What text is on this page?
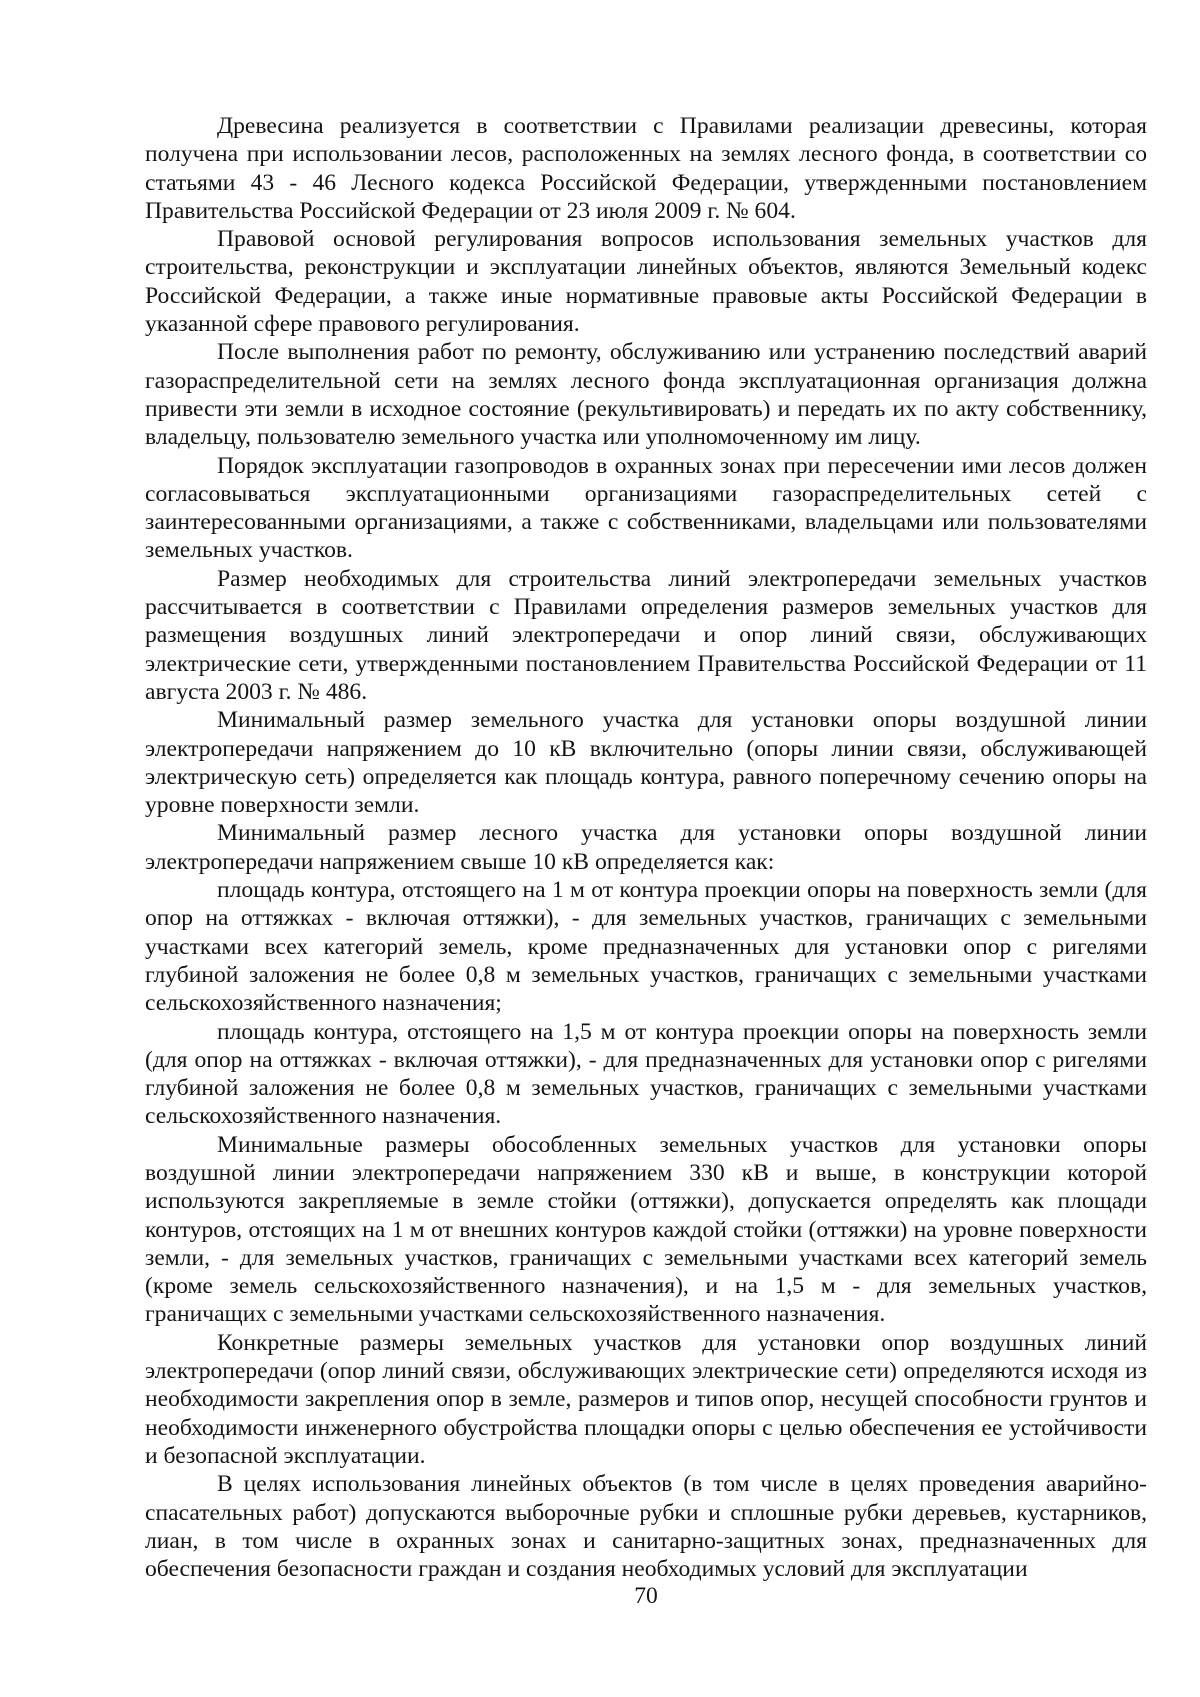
Древесина реализуется в соответствии с Правилами реализации древесины, которая получена при использовании лесов, расположенных на землях лесного фонда, в соответствии со статьями 43 - 46 Лесного кодекса Российской Федерации, утвержденными постановлением Правительства Российской Федерации от 23 июля 2009 г. № 604.

Правовой основой регулирования вопросов использования земельных участков для строительства, реконструкции и эксплуатации линейных объектов, являются Земельный кодекс Российской Федерации, а также иные нормативные правовые акты Российской Федерации в указанной сфере правового регулирования.

После выполнения работ по ремонту, обслуживанию или устранению последствий аварий газораспределительной сети на землях лесного фонда эксплуатационная организация должна привести эти земли в исходное состояние (рекультивировать) и передать их по акту собственнику, владельцу, пользователю земельного участка или уполномоченному им лицу.

Порядок эксплуатации газопроводов в охранных зонах при пересечении ими лесов должен согласовываться эксплуатационными организациями газораспределительных сетей с заинтересованными организациями, а также с собственниками, владельцами или пользователями земельных участков.

Размер необходимых для строительства линий электропередачи земельных участков рассчитывается в соответствии с Правилами определения размеров земельных участков для размещения воздушных линий электропередачи и опор линий связи, обслуживающих электрические сети, утвержденными постановлением Правительства Российской Федерации от 11 августа 2003 г. № 486.

Минимальный размер земельного участка для установки опоры воздушной линии электропередачи напряжением до 10 кВ включительно (опоры линии связи, обслуживающей электрическую сеть) определяется как площадь контура, равного поперечному сечению опоры на уровне поверхности земли.

Минимальный размер лесного участка для установки опоры воздушной линии электропередачи напряжением свыше 10 кВ определяется как:

площадь контура, отстоящего на 1 м от контура проекции опоры на поверхность земли (для опор на оттяжках - включая оттяжки), - для земельных участков, граничащих с земельными участками всех категорий земель, кроме предназначенных для установки опор с ригелями глубиной заложения не более 0,8 м земельных участков, граничащих с земельными участками сельскохозяйственного назначения;

площадь контура, отстоящего на 1,5 м от контура проекции опоры на поверхность земли (для опор на оттяжках - включая оттяжки), - для предназначенных для установки опор с ригелями глубиной заложения не более 0,8 м земельных участков, граничащих с земельными участками сельскохозяйственного назначения.

Минимальные размеры обособленных земельных участков для установки опоры воздушной линии электропередачи напряжением 330 кВ и выше, в конструкции которой используются закрепляемые в земле стойки (оттяжки), допускается определять как площади контуров, отстоящих на 1 м от внешних контуров каждой стойки (оттяжки) на уровне поверхности земли, - для земельных участков, граничащих с земельными участками всех категорий земель (кроме земель сельскохозяйственного назначения), и на 1,5 м - для земельных участков, граничащих с земельными участками сельскохозяйственного назначения.

Конкретные размеры земельных участков для установки опор воздушных линий электропередачи (опор линий связи, обслуживающих электрические сети) определяются исходя из необходимости закрепления опор в земле, размеров и типов опор, несущей способности грунтов и необходимости инженерного обустройства площадки опоры с целью обеспечения ее устойчивости и безопасной эксплуатации.

В целях использования линейных объектов (в том числе в целях проведения аварийно-спасательных работ) допускаются выборочные рубки и сплошные рубки деревьев, кустарников, лиан, в том числе в охранных зонах и санитарно-защитных зонах, предназначенных для обеспечения безопасности граждан и создания необходимых условий для эксплуатации

70
